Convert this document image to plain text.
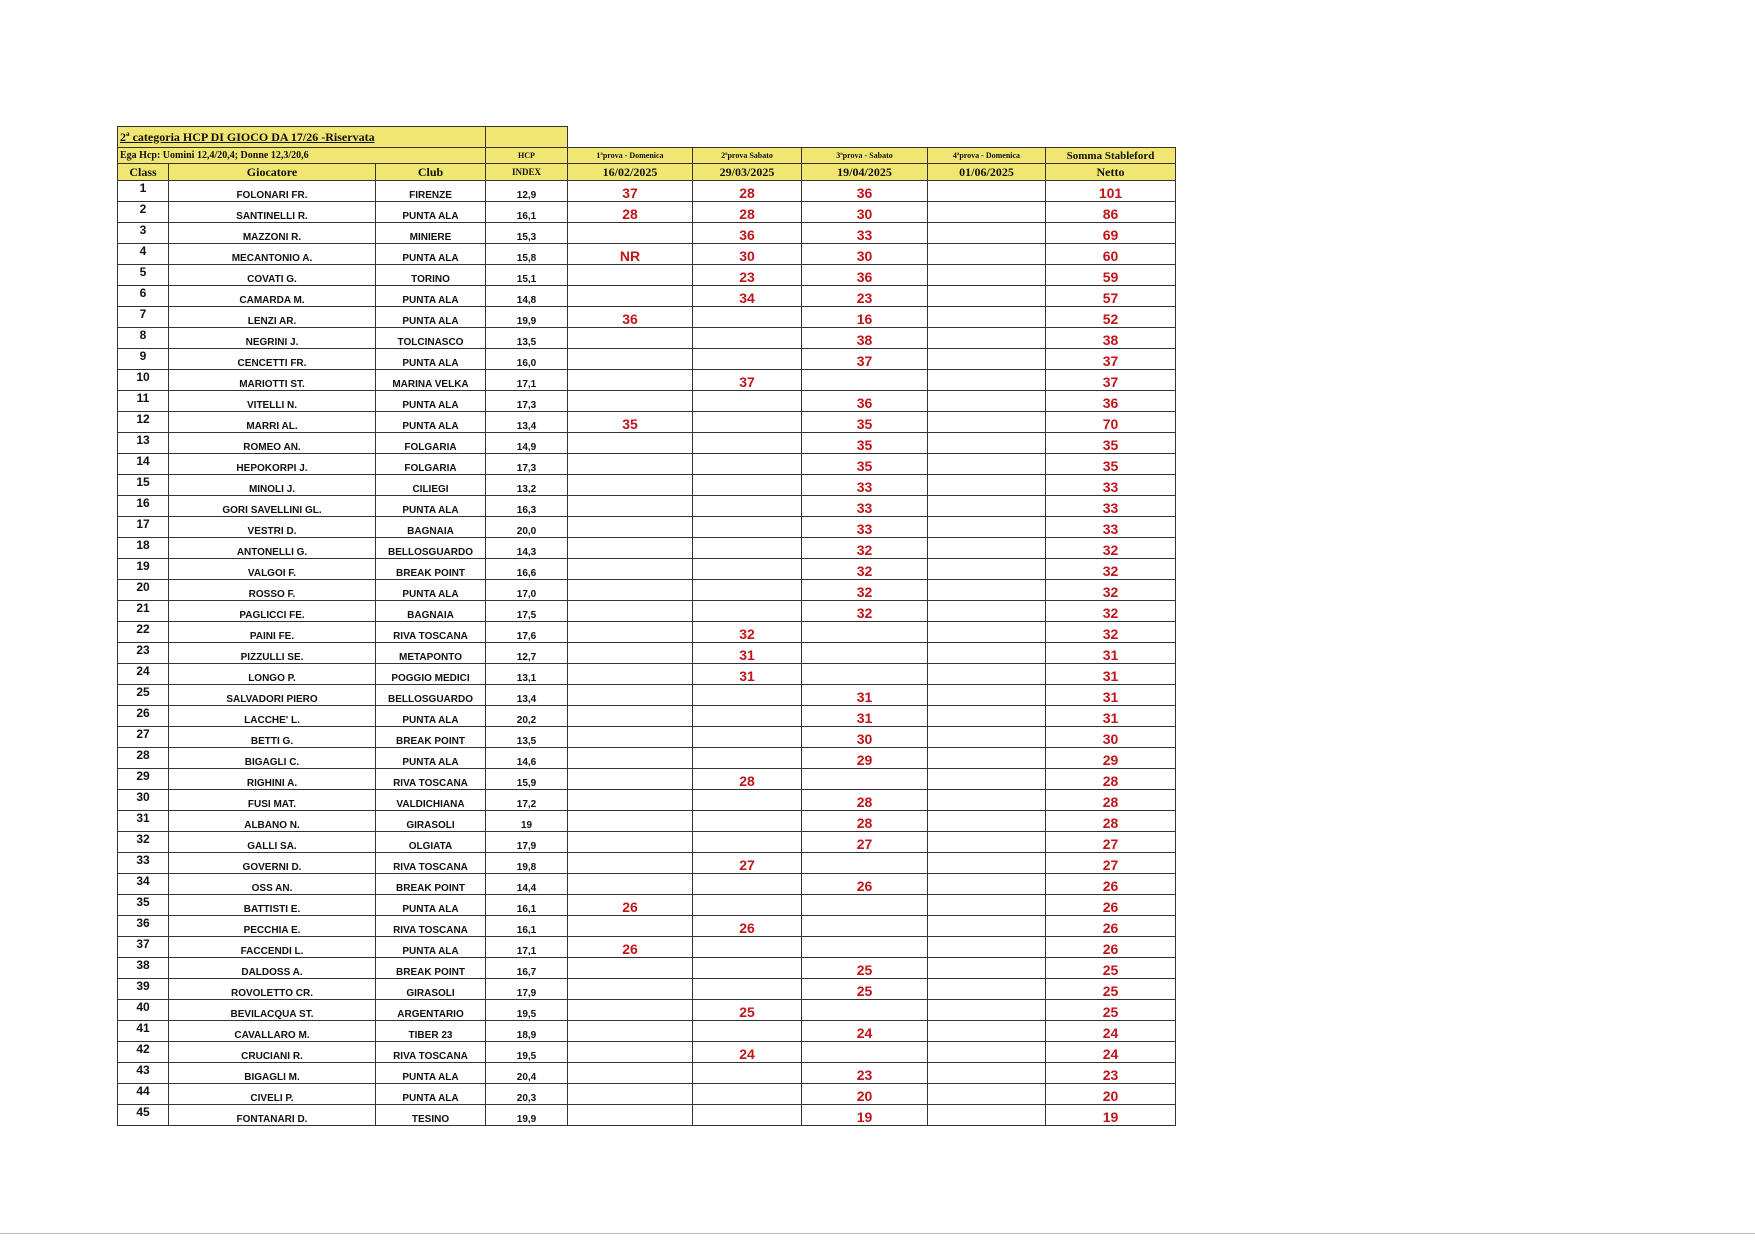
2ª categoria HCP DI GIOCO DA 17/26 -Riservata								
Ega Hcp: Uomini 12,4/20,4; Donne 12,3/20,6			HCP	1ªprova - Domenica	2ªprova Sabato	3ªprova - Sabato	4ªprova - Domenica	Somma Stableford
Class	Giocatore	Club	INDEX	16/02/2025	29/03/2025	19/04/2025	01/06/2025	Netto
1	FOLONARI FR.	FIRENZE	12,9	37	28	36		101
2	SANTINELLI R.	PUNTA ALA	16,1	28	28	30		86
3	MAZZONI R.	MINIERE	15,3		36	33		69
4	MECANTONIO A.	PUNTA ALA	15,8	NR	30	30		60
5	COVATI G.	TORINO	15,1		23	36		59
6	CAMARDA M.	PUNTA ALA	14,8		34	23		57
7	LENZI AR.	PUNTA ALA	19,9	36		16		52
8	NEGRINI J.	TOLCINASCO	13,5			38		38
9	CENCETTI FR.	PUNTA ALA	16,0			37		37
10	MARIOTTI ST.	MARINA VELKA	17,1		37			37
11	VITELLI N.	PUNTA ALA	17,3			36		36
12	MARRI AL.	PUNTA ALA	13,4	35		35		70
13	ROMEO AN.	FOLGARIA	14,9			35		35
14	HEPOKORPI J.	FOLGARIA	17,3			35		35
15	MINOLI J.	CILIEGI	13,2			33		33
16	GORI SAVELLINI GL.	PUNTA ALA	16,3			33		33
17	VESTRI D.	BAGNAIA	20,0			33		33
18	ANTONELLI G.	BELLOSGUARDO	14,3			32		32
19	VALGOI F.	BREAK POINT	16,6			32		32
20	ROSSO F.	PUNTA ALA	17,0			32		32
21	PAGLICCI FE.	BAGNAIA	17,5			32		32
22	PAINI FE.	RIVA TOSCANA	17,6		32			32
23	PIZZULLI SE.	METAPONTO	12,7		31			31
24	LONGO P.	POGGIO MEDICI	13,1		31			31
25	SALVADORI PIERO	BELLOSGUARDO	13,4			31		31
26	LACCHE' L.	PUNTA ALA	20,2			31		31
27	BETTI G.	BREAK POINT	13,5			30		30
28	BIGAGLI C.	PUNTA ALA	14,6			29		29
29	RIGHINI A.	RIVA TOSCANA	15,9		28			28
30	FUSI MAT.	VALDICHIANA	17,2			28		28
31	ALBANO N.	GIRASOLI	19			28		28
32	GALLI SA.	OLGIATA	17,9			27		27
33	GOVERNI D.	RIVA TOSCANA	19,8		27			27
34	OSS AN.	BREAK POINT	14,4			26		26
35	BATTISTI E.	PUNTA ALA	16,1	26				26
36	PECCHIA E.	RIVA TOSCANA	16,1		26			26
37	FACCENDI L.	PUNTA ALA	17,1	26				26
38	DALDOSS A.	BREAK POINT	16,7			25		25
39	ROVOLETTO CR.	GIRASOLI	17,9			25		25
40	BEVILACQUA ST.	ARGENTARIO	19,5		25			25
41	CAVALLARO M.	TIBER 23	18,9			24		24
42	CRUCIANI R.	RIVA TOSCANA	19,5		24			24
43	BIGAGLI M.	PUNTA ALA	20,4			23		23
44	CIVELI P.	PUNTA ALA	20,3			20		20
45	FONTANARI D.	TESINO	19,9			19		19
